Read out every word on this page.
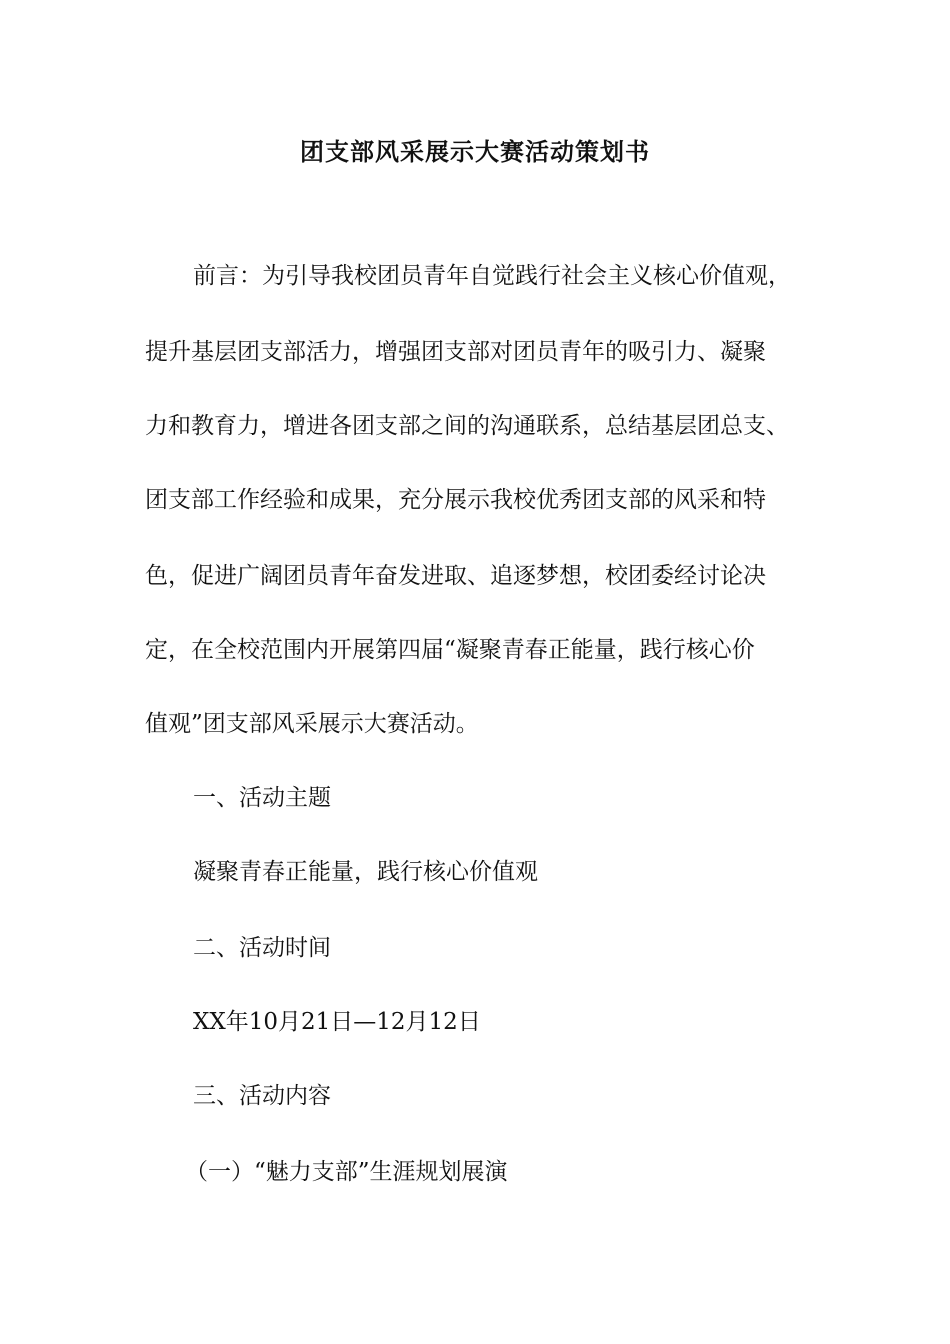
团支部风采展示大赛活动策划书
前言：为引导我校团员青年自觉践行社会主义核心价值观，
提升基层团支部活力，增强团支部对团员青年的吸引力、凝聚
力和教育力，增进各团支部之间的沟通联系，总结基层团总支、
团支部工作经验和成果，充分展示我校优秀团支部的风采和特
色，促进广阔团员青年奋发进取、追逐梦想，校团委经讨论决
定，在全校范围内开展第四届“凝聚青春正能量，践行核心价
值观”团支部风采展示大赛活动。
一、活动主题
凝聚青春正能量，践行核心价值观
二、活动时间
XX年10月21日—12月12日
三、活动内容
（一）“魅力支部”生涯规划展演
